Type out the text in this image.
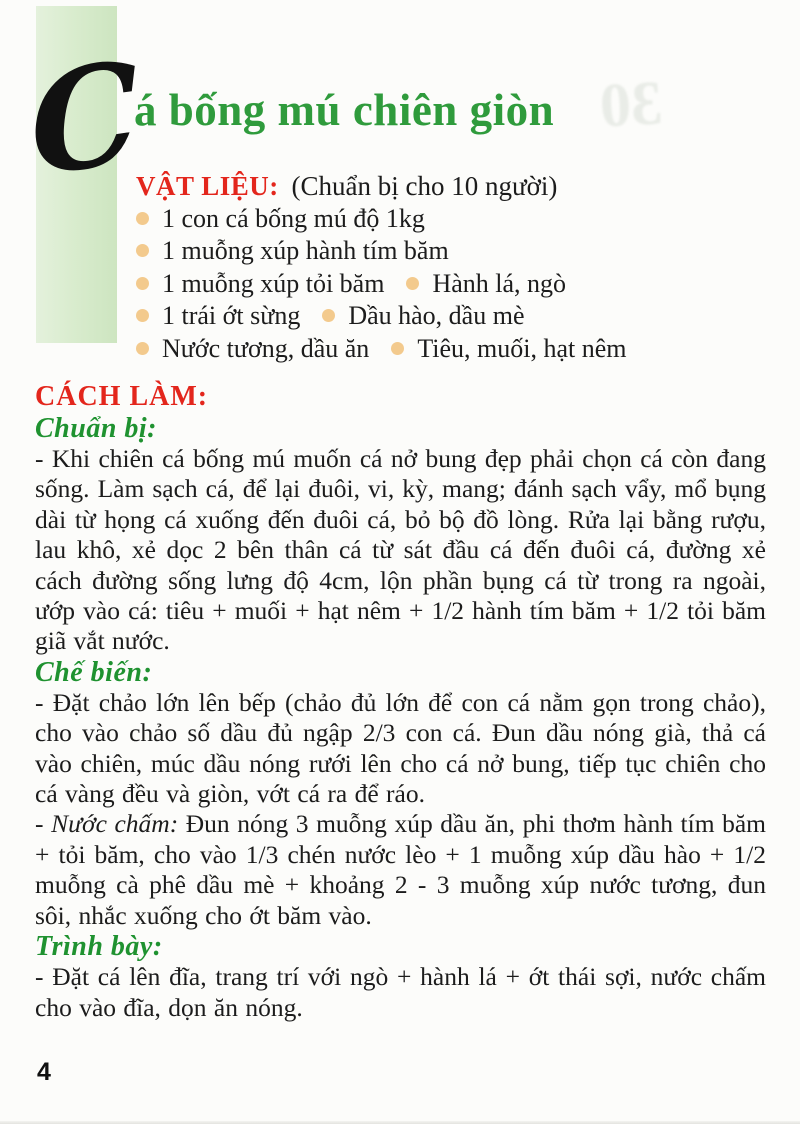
30
C
á bống mú chiên giòn
VẬT LIỆU: (Chuẩn bị cho 10 người)
1 con cá bống mú độ 1kg
1 muỗng xúp hành tím băm
1 muỗng xúp tỏi băm Hành lá, ngò
1 trái ớt sừng Dầu hào, dầu mè
Nước tương, dầu ăn Tiêu, muối, hạt nêm
CÁCH LÀM:
Chuẩn bị:

- Khi chiên cá bống mú muốn cá nở bung đẹp phải chọn cá còn đang sống. Làm sạch cá, để lại đuôi, vi, kỳ, mang; đánh sạch vẩy, mổ bụng dài từ họng cá xuống đến đuôi cá, bỏ bộ đồ lòng. Rửa lại bằng rượu, lau khô, xẻ dọc 2 bên thân cá từ sát đầu cá đến đuôi cá, đường xẻ cách đường sống lưng độ 4cm, lộn phần bụng cá từ trong ra ngoài, ướp vào cá: tiêu + muối + hạt nêm + 1/2 hành tím băm + 1/2 tỏi băm giã vắt nước.

Chế biến:

- Đặt chảo lớn lên bếp (chảo đủ lớn để con cá nằm gọn trong chảo), cho vào chảo số dầu đủ ngập 2/3 con cá. Đun dầu nóng già, thả cá vào chiên, múc dầu nóng rưới lên cho cá nở bung, tiếp tục chiên cho cá vàng đều và giòn, vớt cá ra để ráo.

- Nước chấm: Đun nóng 3 muỗng xúp dầu ăn, phi thơm hành tím băm + tỏi băm, cho vào 1/3 chén nước lèo + 1 muỗng xúp dầu hào + 1/2 muỗng cà phê dầu mè + khoảng 2 - 3 muỗng xúp nước tương, đun sôi, nhắc xuống cho ớt băm vào.

Trình bày:

- Đặt cá lên đĩa, trang trí với ngò + hành lá + ớt thái sợi, nước chấm cho vào đĩa, dọn ăn nóng.

4
